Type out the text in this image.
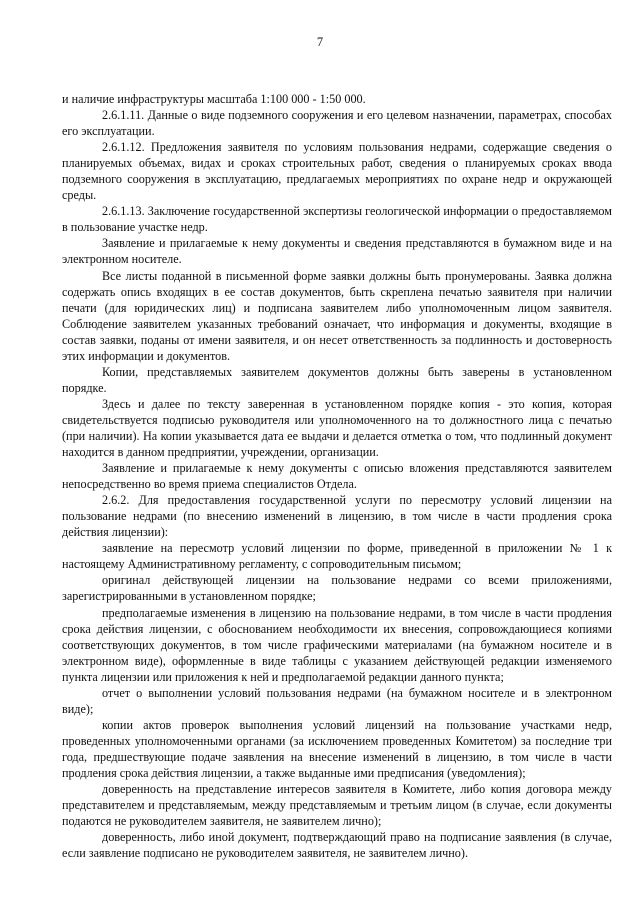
7

и наличие инфраструктуры масштаба 1:100 000 - 1:50 000.

2.6.1.11. Данные о виде подземного сооружения и его целевом назначении, параметрах, способах его эксплуатации.

2.6.1.12. Предложения заявителя по условиям пользования недрами, содержащие сведения о планируемых объемах, видах и сроках строительных работ, сведения о планируемых сроках ввода подземного сооружения в эксплуатацию, предлагаемых мероприятиях по охране недр и окружающей среды.

2.6.1.13. Заключение государственной экспертизы геологической информации о предоставляемом в пользование участке недр.

Заявление и прилагаемые к нему документы и сведения представляются в бумажном виде и на электронном носителе.

Все листы поданной в письменной форме заявки должны быть пронумерованы. Заявка должна содержать опись входящих в ее состав документов, быть скреплена печатью заявителя при наличии печати (для юридических лиц) и подписана заявителем либо уполномоченным лицом заявителя. Соблюдение заявителем указанных требований означает, что информация и документы, входящие в состав заявки, поданы от имени заявителя, и он несет ответственность за подлинность и достоверность этих информации и документов.

Копии, представляемых заявителем документов должны быть заверены в установленном порядке.

Здесь и далее по тексту заверенная в установленном порядке копия - это копия, которая свидетельствуется подписью руководителя или уполномоченного на то должностного лица с печатью (при наличии). На копии указывается дата ее выдачи и делается отметка о том, что подлинный документ находится в данном предприятии, учреждении, организации.

Заявление и прилагаемые к нему документы с описью вложения представляются заявителем непосредственно во время приема специалистов Отдела.

2.6.2. Для предоставления государственной услуги по пересмотру условий лицензии на пользование недрами (по внесению изменений в лицензию, в том числе в части продления срока действия лицензии):

заявление на пересмотр условий лицензии по форме, приведенной в приложении № 1 к настоящему Административному регламенту, с сопроводительным письмом;

оригинал действующей лицензии на пользование недрами со всеми приложениями, зарегистрированными в установленном порядке;

предполагаемые изменения в лицензию на пользование недрами, в том числе в части продления срока действия лицензии, с обоснованием необходимости их внесения, сопровождающиеся копиями соответствующих документов, в том числе графическими материалами (на бумажном носителе и в электронном виде), оформленные в виде таблицы с указанием действующей редакции изменяемого пункта лицензии или приложения к ней и предполагаемой редакции данного пункта;

отчет о выполнении условий пользования недрами (на бумажном носителе и в электронном виде);

копии актов проверок выполнения условий лицензий на пользование участками недр, проведенных уполномоченными органами (за исключением проведенных Комитетом) за последние три года, предшествующие подаче заявления на внесение изменений в лицензию, в том числе в части продления срока действия лицензии, а также выданные ими предписания (уведомления);

доверенность на представление интересов заявителя в Комитете, либо копия договора между представителем и представляемым, между представляемым и третьим лицом (в случае, если документы подаются не руководителем заявителя, не заявителем лично);

доверенность, либо иной документ, подтверждающий право на подписание заявления (в случае, если заявление подписано не руководителем заявителя, не заявителем лично).
